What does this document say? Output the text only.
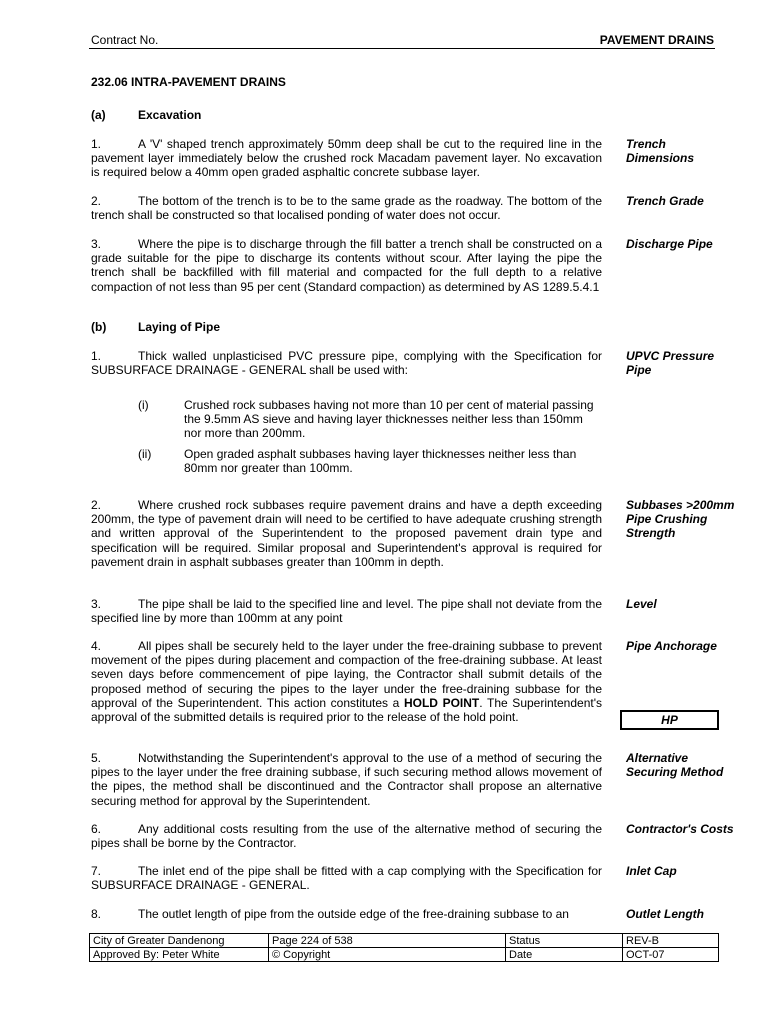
Contract No.	PAVEMENT DRAINS
232.06 INTRA-PAVEMENT DRAINS
(a)	Excavation
1.	A 'V' shaped trench approximately 50mm deep shall be cut to the required line in the pavement layer immediately below the crushed rock Macadam pavement layer. No excavation is required below a 40mm open graded asphaltic concrete subbase layer.
Trench Dimensions
2.	The bottom of the trench is to be to the same grade as the roadway. The bottom of the trench shall be constructed so that localised ponding of water does not occur.
Trench Grade
3.	Where the pipe is to discharge through the fill batter a trench shall be constructed on a grade suitable for the pipe to discharge its contents without scour. After laying the pipe the trench shall be backfilled with fill material and compacted for the full depth to a relative compaction of not less than 95 per cent (Standard compaction) as determined by AS 1289.5.4.1
Discharge Pipe
(b)	Laying of Pipe
1.	Thick walled unplasticised PVC pressure pipe, complying with the Specification for SUBSURFACE DRAINAGE - GENERAL shall be used with:
UPVC Pressure Pipe
(i)	Crushed rock subbases having not more than 10 per cent of material passing the 9.5mm AS sieve and having layer thicknesses neither less than 150mm nor more than 200mm.
(ii)	Open graded asphalt subbases having layer thicknesses neither less than 80mm nor greater than 100mm.
2.	Where crushed rock subbases require pavement drains and have a depth exceeding 200mm, the type of pavement drain will need to be certified to have adequate crushing strength and written approval of the Superintendent to the proposed pavement drain type and specification will be required. Similar proposal and Superintendent's approval is required for pavement drain in asphalt subbases greater than 100mm in depth.
Subbases >200mm Pipe Crushing Strength
3.	The pipe shall be laid to the specified line and level. The pipe shall not deviate from the specified line by more than 100mm at any point
Level
4.	All pipes shall be securely held to the layer under the free-draining subbase to prevent movement of the pipes during placement and compaction of the free-draining subbase. At least seven days before commencement of pipe laying, the Contractor shall submit details of the proposed method of securing the pipes to the layer under the free-draining subbase for the approval of the Superintendent. This action constitutes a HOLD POINT. The Superintendent's approval of the submitted details is required prior to the release of the hold point.
Pipe Anchorage
HP
5.	Notwithstanding the Superintendent's approval to the use of a method of securing the pipes to the layer under the free draining subbase, if such securing method allows movement of the pipes, the method shall be discontinued and the Contractor shall propose an alternative securing method for approval by the Superintendent.
Alternative Securing Method
6.	Any additional costs resulting from the use of the alternative method of securing the pipes shall be borne by the Contractor.
Contractor's Costs
7.	The inlet end of the pipe shall be fitted with a cap complying with the Specification for SUBSURFACE DRAINAGE - GENERAL.
Inlet Cap
8.	The outlet length of pipe from the outside edge of the free-draining subbase to an	Outlet Length
City of Greater Dandenong	Page 224 of 538	Status	REV-B
Approved By: Peter White	© Copyright	Date	OCT-07
